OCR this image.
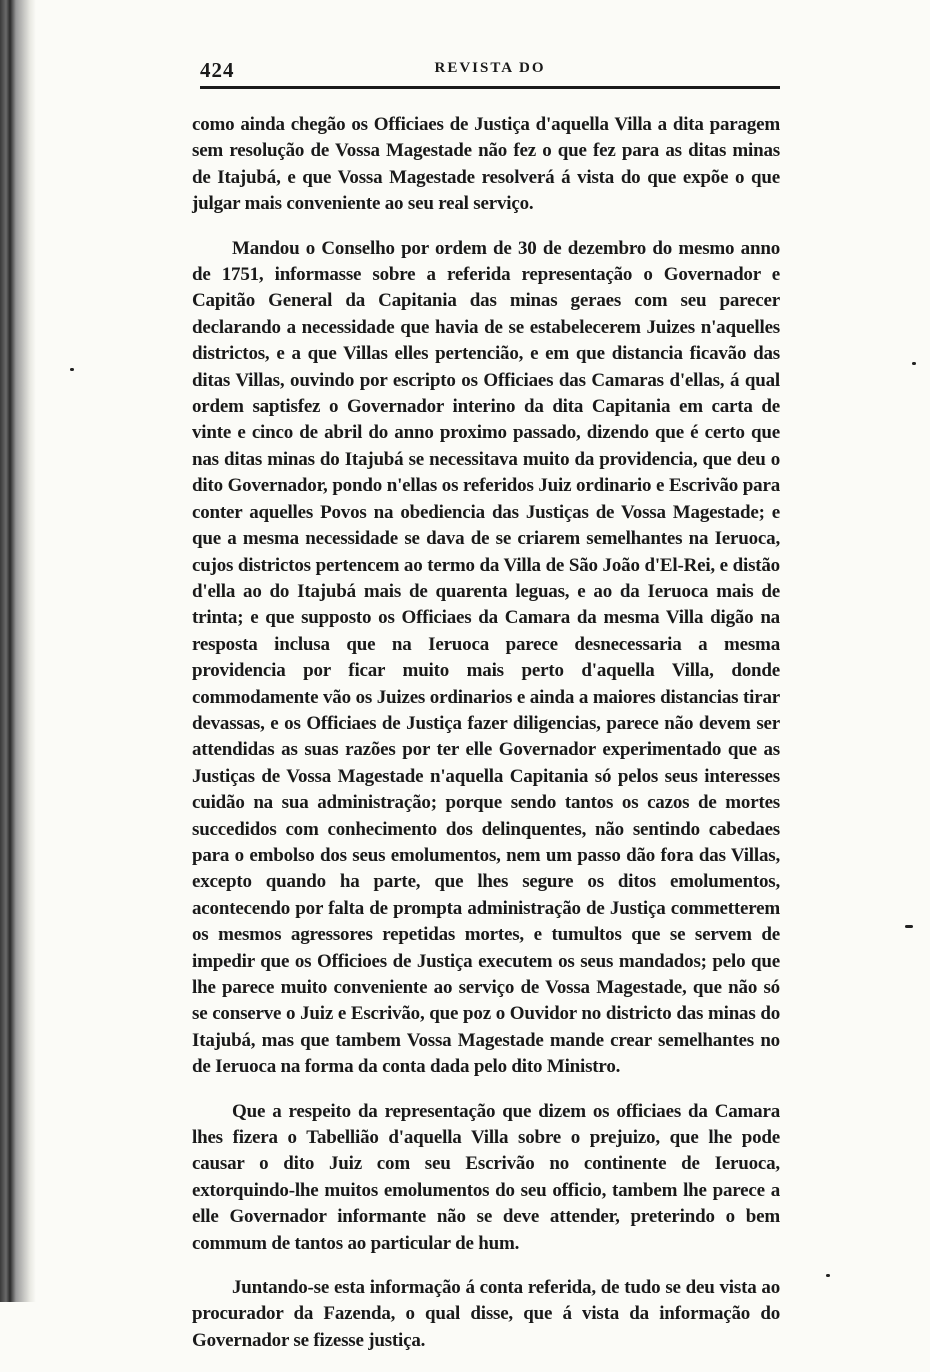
424	REVISTA DO

como ainda chegão os Officiaes de Justiça d'aquella Villa a dita paragem sem resolução de Vossa Magestade não fez o que fez para as ditas minas de Itajubá, e que Vossa Magestade resolverá á vista do que expõe o que julgar mais conveniente ao seu real serviço.

Mandou o Conselho por ordem de 30 de dezembro do mesmo anno de 1751, informasse sobre a referida representação o Governador e Capitão General da Capitania das minas geraes com seu parecer declarando a necessidade que havia de se estabelecerem Juizes n'aquelles districtos, e a que Villas elles pertencião, e em que distancia ficavão das ditas Villas, ouvindo por escripto os Officiaes das Camaras d'ellas, á qual ordem saptisfez o Governador interino da dita Capitania em carta de vinte e cinco de abril do anno proximo passado, dizendo que é certo que nas ditas minas do Itajubá se necessitava muito da providencia, que deu o dito Governador, pondo n'ellas os referidos Juiz ordinario e Escrivão para conter aquelles Povos na obediencia das Justiças de Vossa Magestade; e que a mesma necessidade se dava de se criarem semelhantes na Ieruoca, cujos districtos pertencem ao termo da Villa de São João d'El-Rei, e distão d'ella ao do Itajubá mais de quarenta leguas, e ao da Ieruoca mais de trinta; e que supposto os Officiaes da Camara da mesma Villa digão na resposta inclusa que na Ieruoca parece desnecessaria a mesma providencia por ficar muito mais perto d'aquella Villa, donde commodamente vão os Juizes ordinarios e ainda a maiores distancias tirar devassas, e os Officiaes de Justiça fazer diligencias, parece não devem ser attendidas as suas razões por ter elle Governador experimentado que as Justiças de Vossa Magestade n'aquella Capitania só pelos seus interesses cuidão na sua administração; porque sendo tantos os cazos de mortes succedidos com conhecimento dos delinquentes, não sentindo cabedaes para o embolso dos seus emolumentos, nem um passo dão fora das Villas, excepto quando ha parte, que lhes segure os ditos emolumentos, acontecendo por falta de prompta administração de Justiça commetterem os mesmos agressores repetidas mortes, e tumultos que se servem de impedir que os Officioes de Justiça executem os seus mandados; pelo que lhe parece muito conveniente ao serviço de Vossa Magestade, que não só se conserve o Juiz e Escrivão, que poz o Ouvidor no districto das minas do Itajubá, mas que tambem Vossa Magestade mande crear semelhantes no de Ieruoca na forma da conta dada pelo dito Ministro.

Que a respeito da representação que dizem os officiaes da Camara lhes fizera o Tabellião d'aquella Villa sobre o prejuizo, que lhe pode causar o dito Juiz com seu Escrivão no continente de Ieruoca, extorquindo-lhe muitos emolumentos do seu officio, tambem lhe parece a elle Governador informante não se deve attender, preterindo o bem commum de tantos ao particular de hum.

Juntando-se esta informação á conta referida, de tudo se deu vista ao procurador da Fazenda, o qual disse, que á vista da informação do Governador se fizesse justiça.
